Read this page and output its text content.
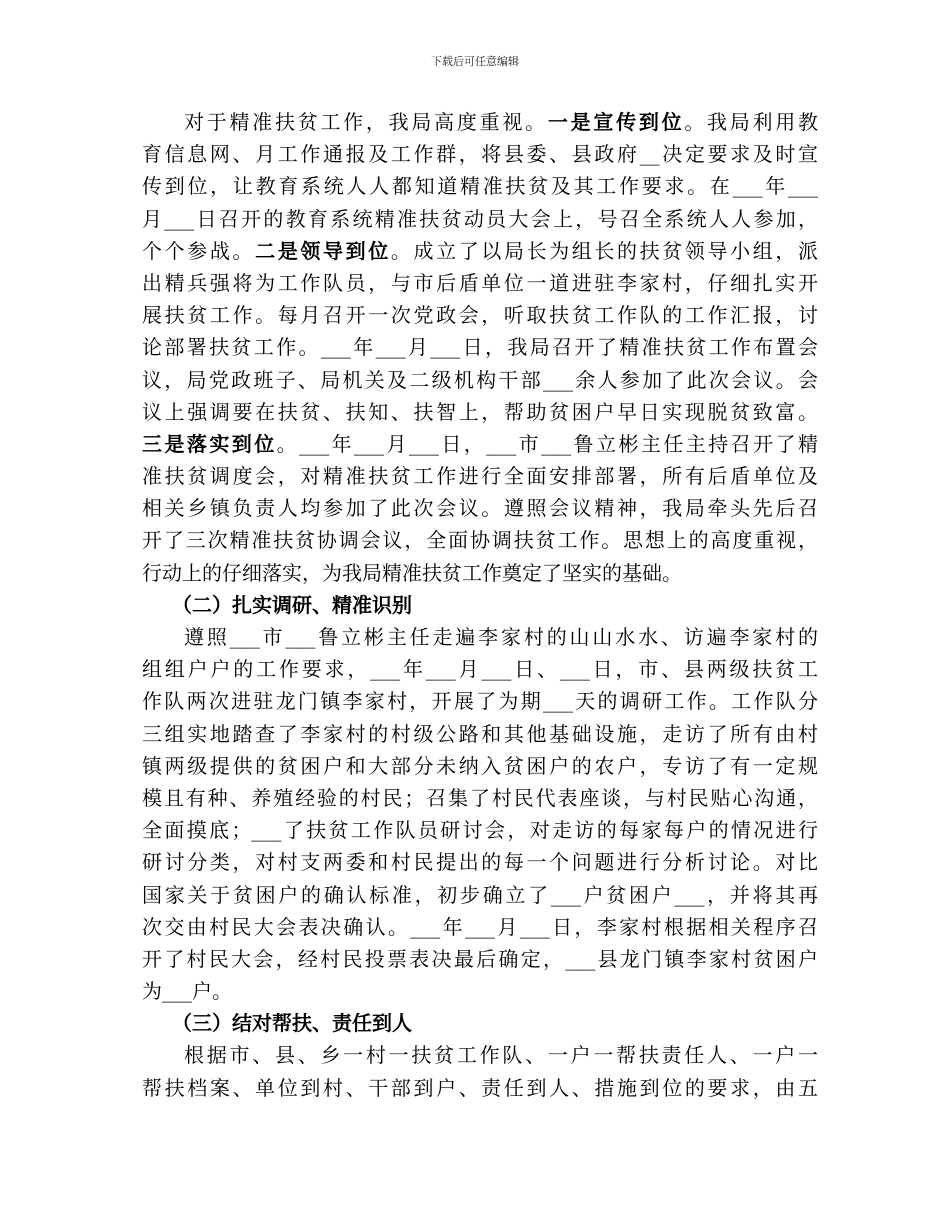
下载后可任意编辑
对于精准扶贫工作，我局高度重视。一是宣传到位。我局利用教
育信息网、月工作通报及工作群，将县委、县政府__决定要求及时宣
传到位，让教育系统人人都知道精准扶贫及其工作要求。在___年___
月___日召开的教育系统精准扶贫动员大会上，号召全系统人人参加，
个个参战。二是领导到位。成立了以局长为组长的扶贫领导小组，派
出精兵强将为工作队员，与市后盾单位一道进驻李家村，仔细扎实开
展扶贫工作。每月召开一次党政会，听取扶贫工作队的工作汇报，讨
论部署扶贫工作。___年___月___日，我局召开了精准扶贫工作布置会
议，局党政班子、局机关及二级机构干部___余人参加了此次会议。会
议上强调要在扶贫、扶知、扶智上，帮助贫困户早日实现脱贫致富。
三是落实到位。___年___月___日，___市___鲁立彬主任主持召开了精
准扶贫调度会，对精准扶贫工作进行全面安排部署，所有后盾单位及
相关乡镇负责人均参加了此次会议。遵照会议精神，我局牵头先后召
开了三次精准扶贫协调会议，全面协调扶贫工作。思想上的高度重视，
行动上的仔细落实，为我局精准扶贫工作奠定了坚实的基础。
（二）扎实调研、精准识别
遵照___市___鲁立彬主任走遍李家村的山山水水、访遍李家村的
组组户户的工作要求，___年___月___日、___日，市、县两级扶贫工
作队两次进驻龙门镇李家村，开展了为期___天的调研工作。工作队分
三组实地踏查了李家村的村级公路和其他基础设施，走访了所有由村
镇两级提供的贫困户和大部分未纳入贫困户的农户，专访了有一定规
模且有种、养殖经验的村民；召集了村民代表座谈，与村民贴心沟通，
全面摸底；___了扶贫工作队员研讨会，对走访的每家每户的情况进行
研讨分类，对村支两委和村民提出的每一个问题进行分析讨论。对比
国家关于贫困户的确认标准，初步确立了___户贫困户___，并将其再
次交由村民大会表决确认。___年___月___日，李家村根据相关程序召
开了村民大会，经村民投票表决最后确定，___县龙门镇李家村贫困户
为___户。
（三）结对帮扶、责任到人
根据市、县、乡一村一扶贫工作队、一户一帮扶责任人、一户一
帮扶档案、单位到村、干部到户、责任到人、措施到位的要求，由五
